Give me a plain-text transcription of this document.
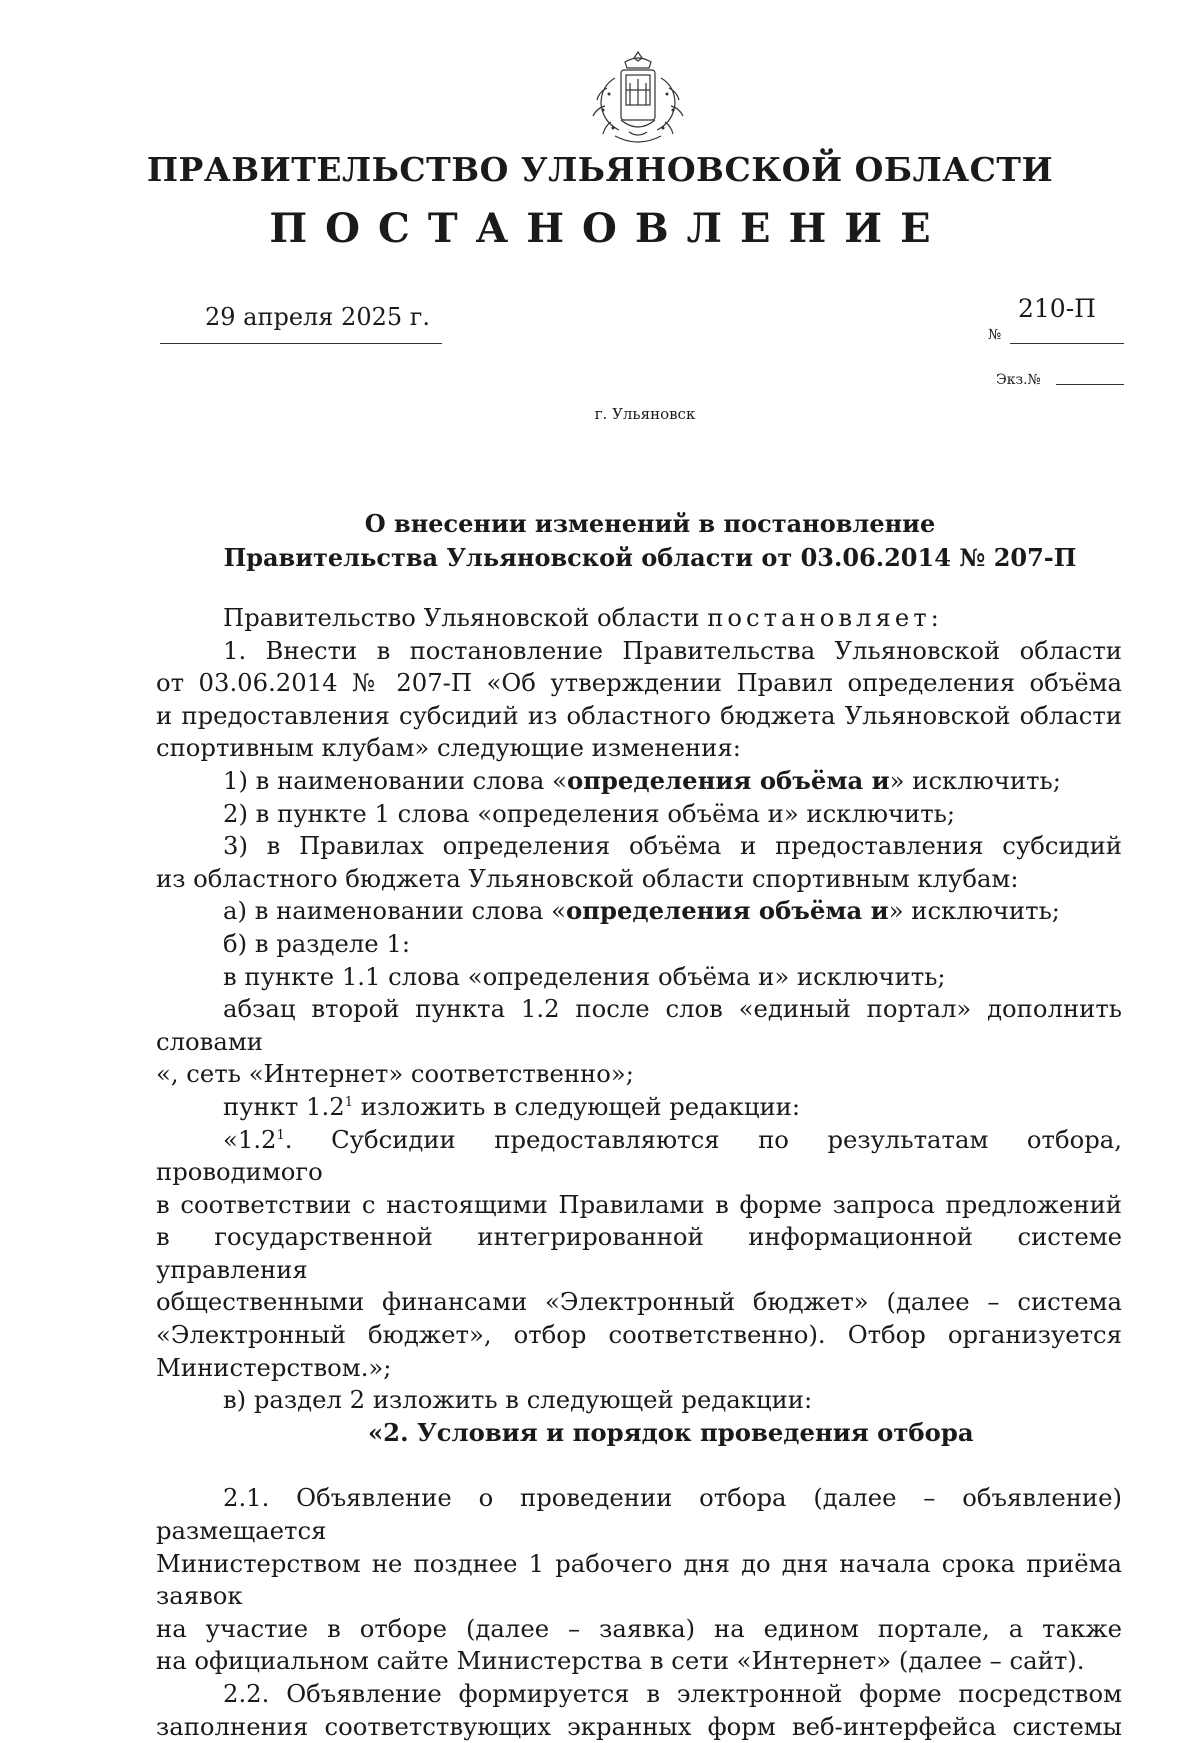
ПРАВИТЕЛЬСТВО УЛЬЯНОВСКОЙ ОБЛАСТИ
ПОСТАНОВЛЕНИЕ
29 апреля 2025 г.	210-П
№
Экз.№
г. Ульяновск
О внесении изменений в постановление
Правительства Ульяновской области от 03.06.2014 № 207-П

Правительство Ульяновской области постановляет:

1. Внести в постановление Правительства Ульяновской области

от 03.06.2014 № 207-П «Об утверждении Правил определения объёма

и предоставления субсидий из областного бюджета Ульяновской области

спортивным клубам» следующие изменения:

1) в наименовании слова «определения объёма и» исключить;

2) в пункте 1 слова «определения объёма и» исключить;

3) в Правилах определения объёма и предоставления субсидий

из областного бюджета Ульяновской области спортивным клубам:

а) в наименовании слова «определения объёма и» исключить;

б) в разделе 1:

в пункте 1.1 слова «определения объёма и» исключить;

абзац второй пункта 1.2 после слов «единый портал» дополнить словами

«, сеть «Интернет» соответственно»;

пункт $1.2^1$ изложить в следующей редакции:

«$1.2^1$. Субсидии предоставляются по результатам отбора, проводимого

в соответствии с настоящими Правилами в форме запроса предложений

в государственной интегрированной информационной системе управления

общественными финансами «Электронный бюджет» (далее – система

«Электронный бюджет», отбор соответственно). Отбор организуется

Министерством.»;

в) раздел 2 изложить в следующей редакции:

«2. Условия и порядок проведения отбора

2.1. Объявление о проведении отбора (далее – объявление) размещается

Министерством не позднее 1 рабочего дня до дня начала срока приёма заявок

на участие в отборе (далее – заявка) на едином портале, а также

на официальном сайте Министерства в сети «Интернет» (далее – сайт).

2.2. Объявление формируется в электронной форме посредством

заполнения соответствующих экранных форм веб-интерфейса системы
